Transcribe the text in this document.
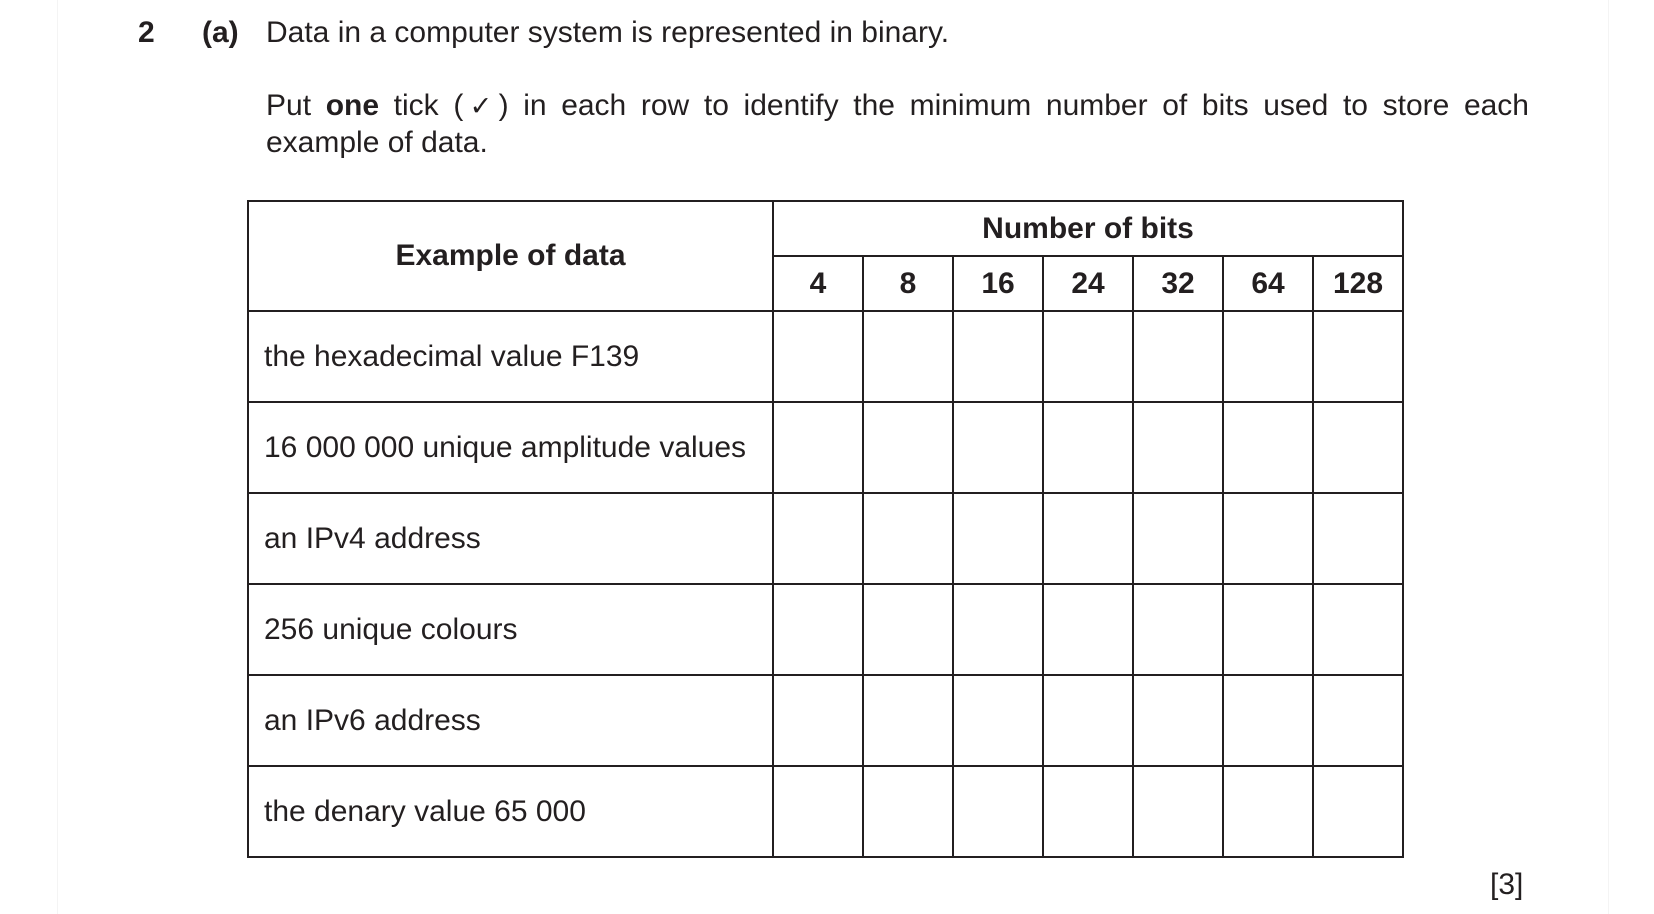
2 (a) Data in a computer system is represented in binary.
Put one tick (✓) in each row to identify the minimum number of bits used to store each example of data.
Example of data	Number of bits						
	4	8	16	24	32	64	128
the hexadecimal value F139							
16 000 000 unique amplitude values							
an IPv4 address							
256 unique colours							
an IPv6 address							
the denary value 65 000							
[3]
